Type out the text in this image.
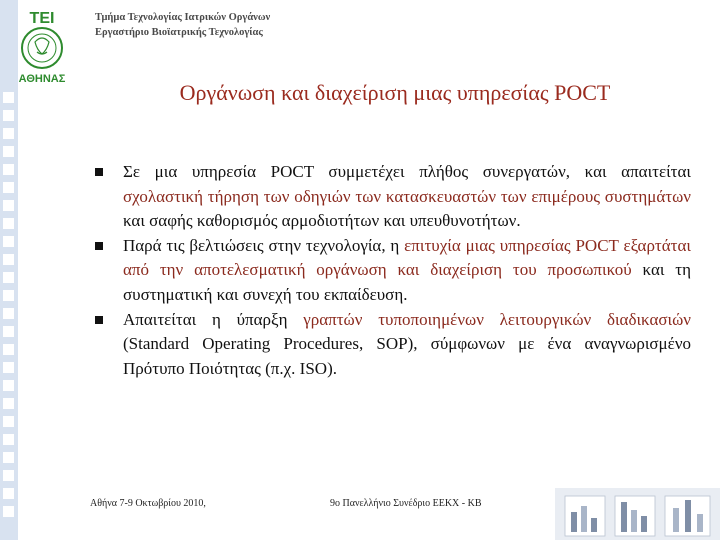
ΤΕΙ
ΑΘΗΝΑΣ
Τμήμα Τεχνολογίας Ιατρικών Οργάνων
Εργαστήριο Βιοϊατρικής Τεχνολογίας
Οργάνωση και διαχείριση μιας υπηρεσίας POCT
Σε μια υπηρεσία POCT συμμετέχει πλήθος συνεργατών, και απαιτείται σχολαστική τήρηση των οδηγιών των κατασκευαστών των επιμέρους συστημάτων και σαφής καθορισμός αρμοδιοτήτων και υπευθυνοτήτων.
Παρά τις βελτιώσεις στην τεχνολογία, η επιτυχία μιας υπηρεσίας POCT εξαρτάται από την αποτελεσματική οργάνωση και διαχείριση του προσωπικού και τη συστηματική και συνεχή του εκπαίδευση.
Απαιτείται η ύπαρξη γραπτών τυποποιημένων λειτουργικών διαδικασιών (Standard Operating Procedures, SOP), σύμφωνων με ένα αναγνωρισμένο Πρότυπο Ποιότητας (π.χ. ISO).
Αθήνα 7-9 Οκτωβρίου 2010,	9ο Πανελλήνιο Συνέδριο ΕΕΚΧ - ΚΒ
